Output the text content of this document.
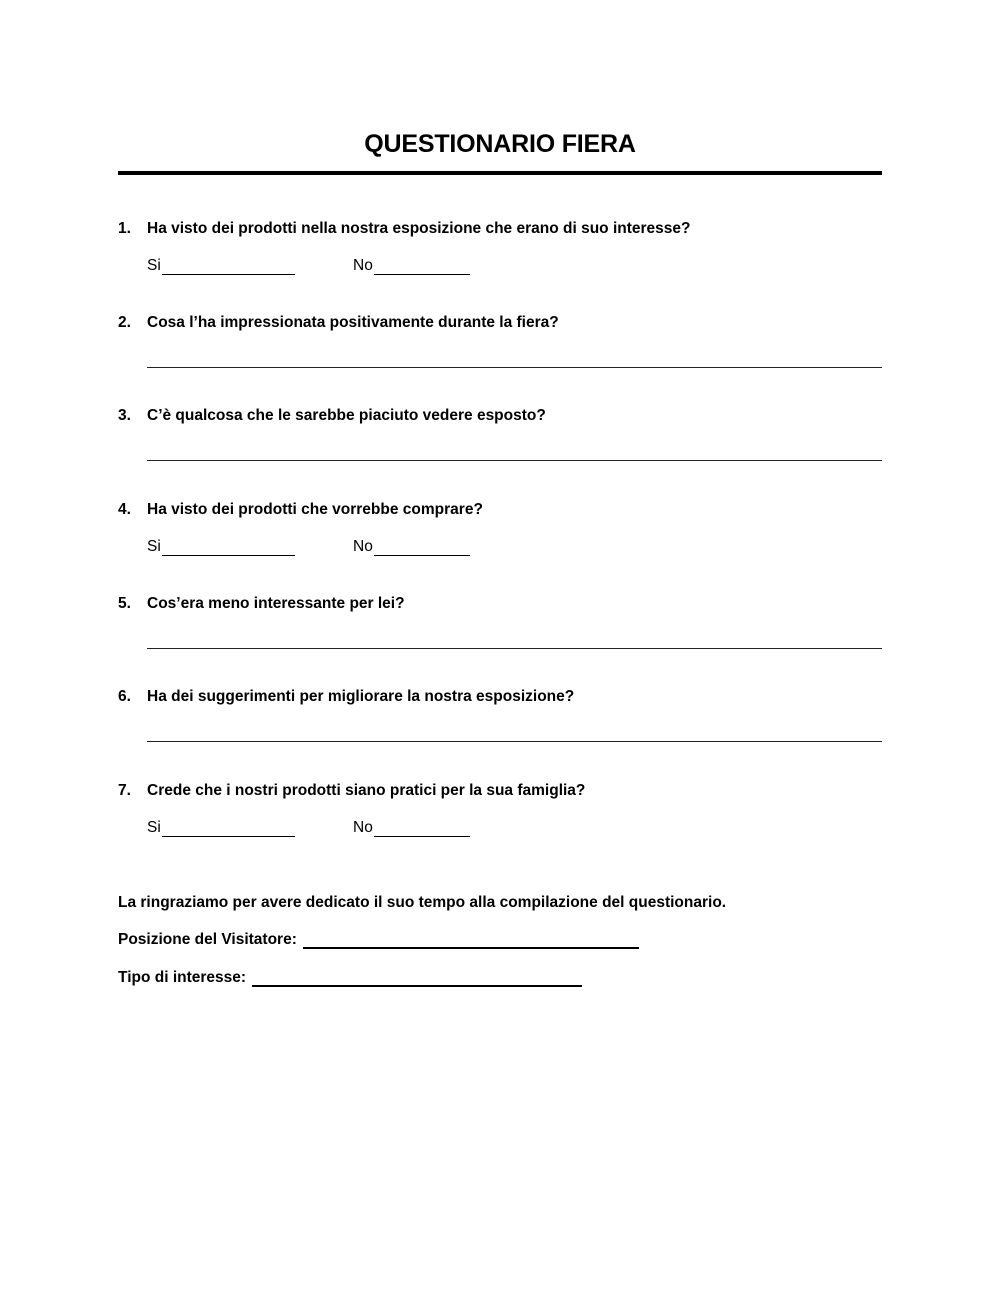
QUESTIONARIO FIERA
1.	Ha visto dei prodotti nella nostra esposizione che erano di suo interesse?
Si	No
2.	Cosa l’ha impressionata positivamente durante la fiera?
3.	C’è qualcosa che le sarebbe piaciuto vedere esposto?
4.	Ha visto dei prodotti che vorrebbe comprare?
Si	No
5.	Cos’era meno interessante per lei?
6.	Ha dei suggerimenti per migliorare la nostra esposizione?
7.	Crede che i nostri prodotti siano pratici per la sua famiglia?
Si	No
La ringraziamo per avere dedicato il suo tempo alla compilazione del questionario.
Posizione del Visitatore:
Tipo di interesse:
